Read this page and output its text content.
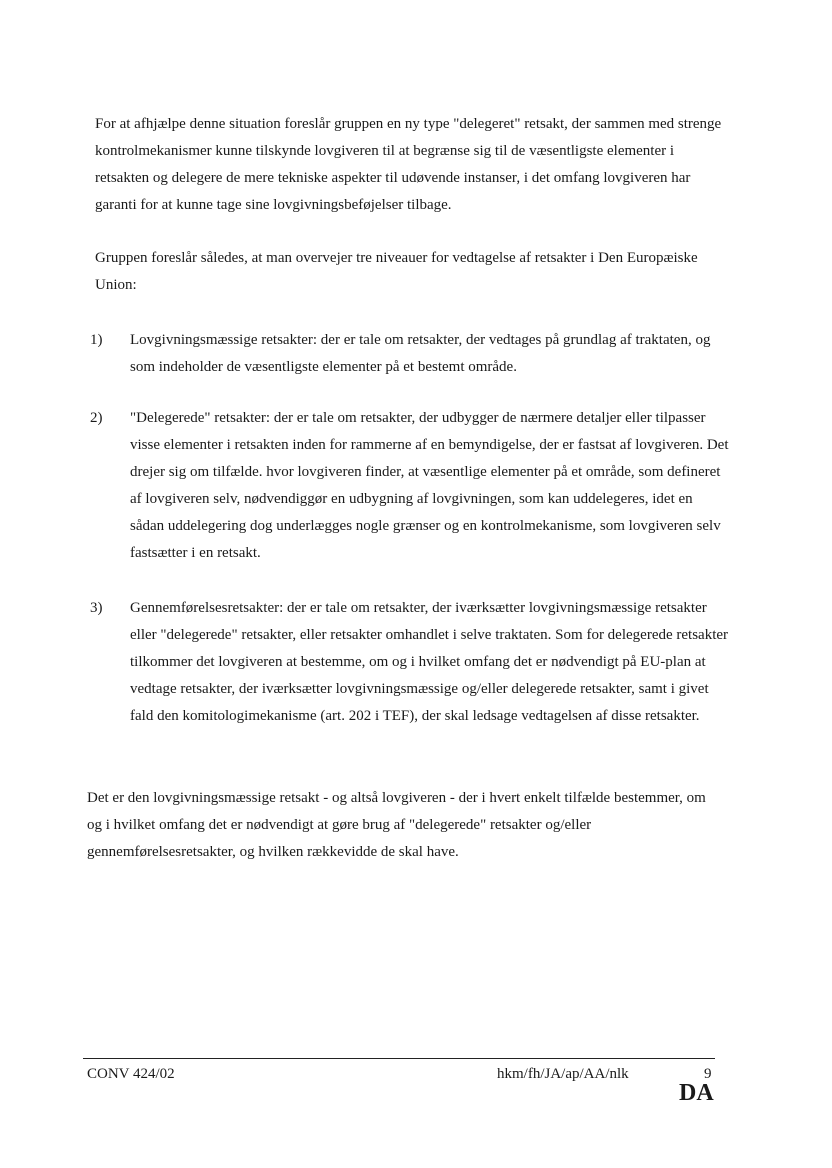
For at afhjælpe denne situation foreslår gruppen en ny type "delegeret" retsakt, der sammen med strenge kontrolmekanismer kunne tilskynde lovgiveren til at begrænse sig til de væsentligste elementer i retsakten og delegere de mere tekniske aspekter til udøvende instanser, i det omfang lovgiveren har garanti for at kunne tage sine lovgivningsbeføjelser tilbage.

Gruppen foreslår således, at man overvejer tre niveauer for vedtagelse af retsakter i Den Europæiske Union:

1) Lovgivningsmæssige retsakter: der er tale om retsakter, der vedtages på grundlag af traktaten, og som indeholder de væsentligste elementer på et bestemt område.

2) "Delegerede" retsakter: der er tale om retsakter, der udbygger de nærmere detaljer eller tilpasser visse elementer i retsakten inden for rammerne af en bemyndigelse, der er fastsat af lovgiveren. Det drejer sig om tilfælde. hvor lovgiveren finder, at væsentlige elementer på et område, som defineret af lovgiveren selv, nødvendiggør en udbygning af lovgivningen, som kan uddelegeres, idet en sådan uddelegering dog underlægges nogle grænser og en kontrolmekanisme, som lovgiveren selv fastsætter i en retsakt.

3) Gennemførelsesretsakter: der er tale om retsakter, der iværksætter lovgivningsmæssige retsakter eller "delegerede" retsakter, eller retsakter omhandlet i selve traktaten. Som for delegerede retsakter tilkommer det lovgiveren at bestemme, om og i hvilket omfang det er nødvendigt på EU-plan at vedtage retsakter, der iværksætter lovgivningsmæssige og/eller delegerede retsakter, samt i givet fald den komitologimekanisme (art. 202 i TEF), der skal ledsage vedtagelsen af disse retsakter.

Det er den lovgivningsmæssige retsakt - og altså lovgiveren - der i hvert enkelt tilfælde bestemmer, om og i hvilket omfang det er nødvendigt at gøre brug af "delegerede" retsakter og/eller gennemførelsesretsakter, og hvilken rækkevidde de skal have.

CONV 424/02	hkm/fh/JA/ap/AA/nlk	9
DA
